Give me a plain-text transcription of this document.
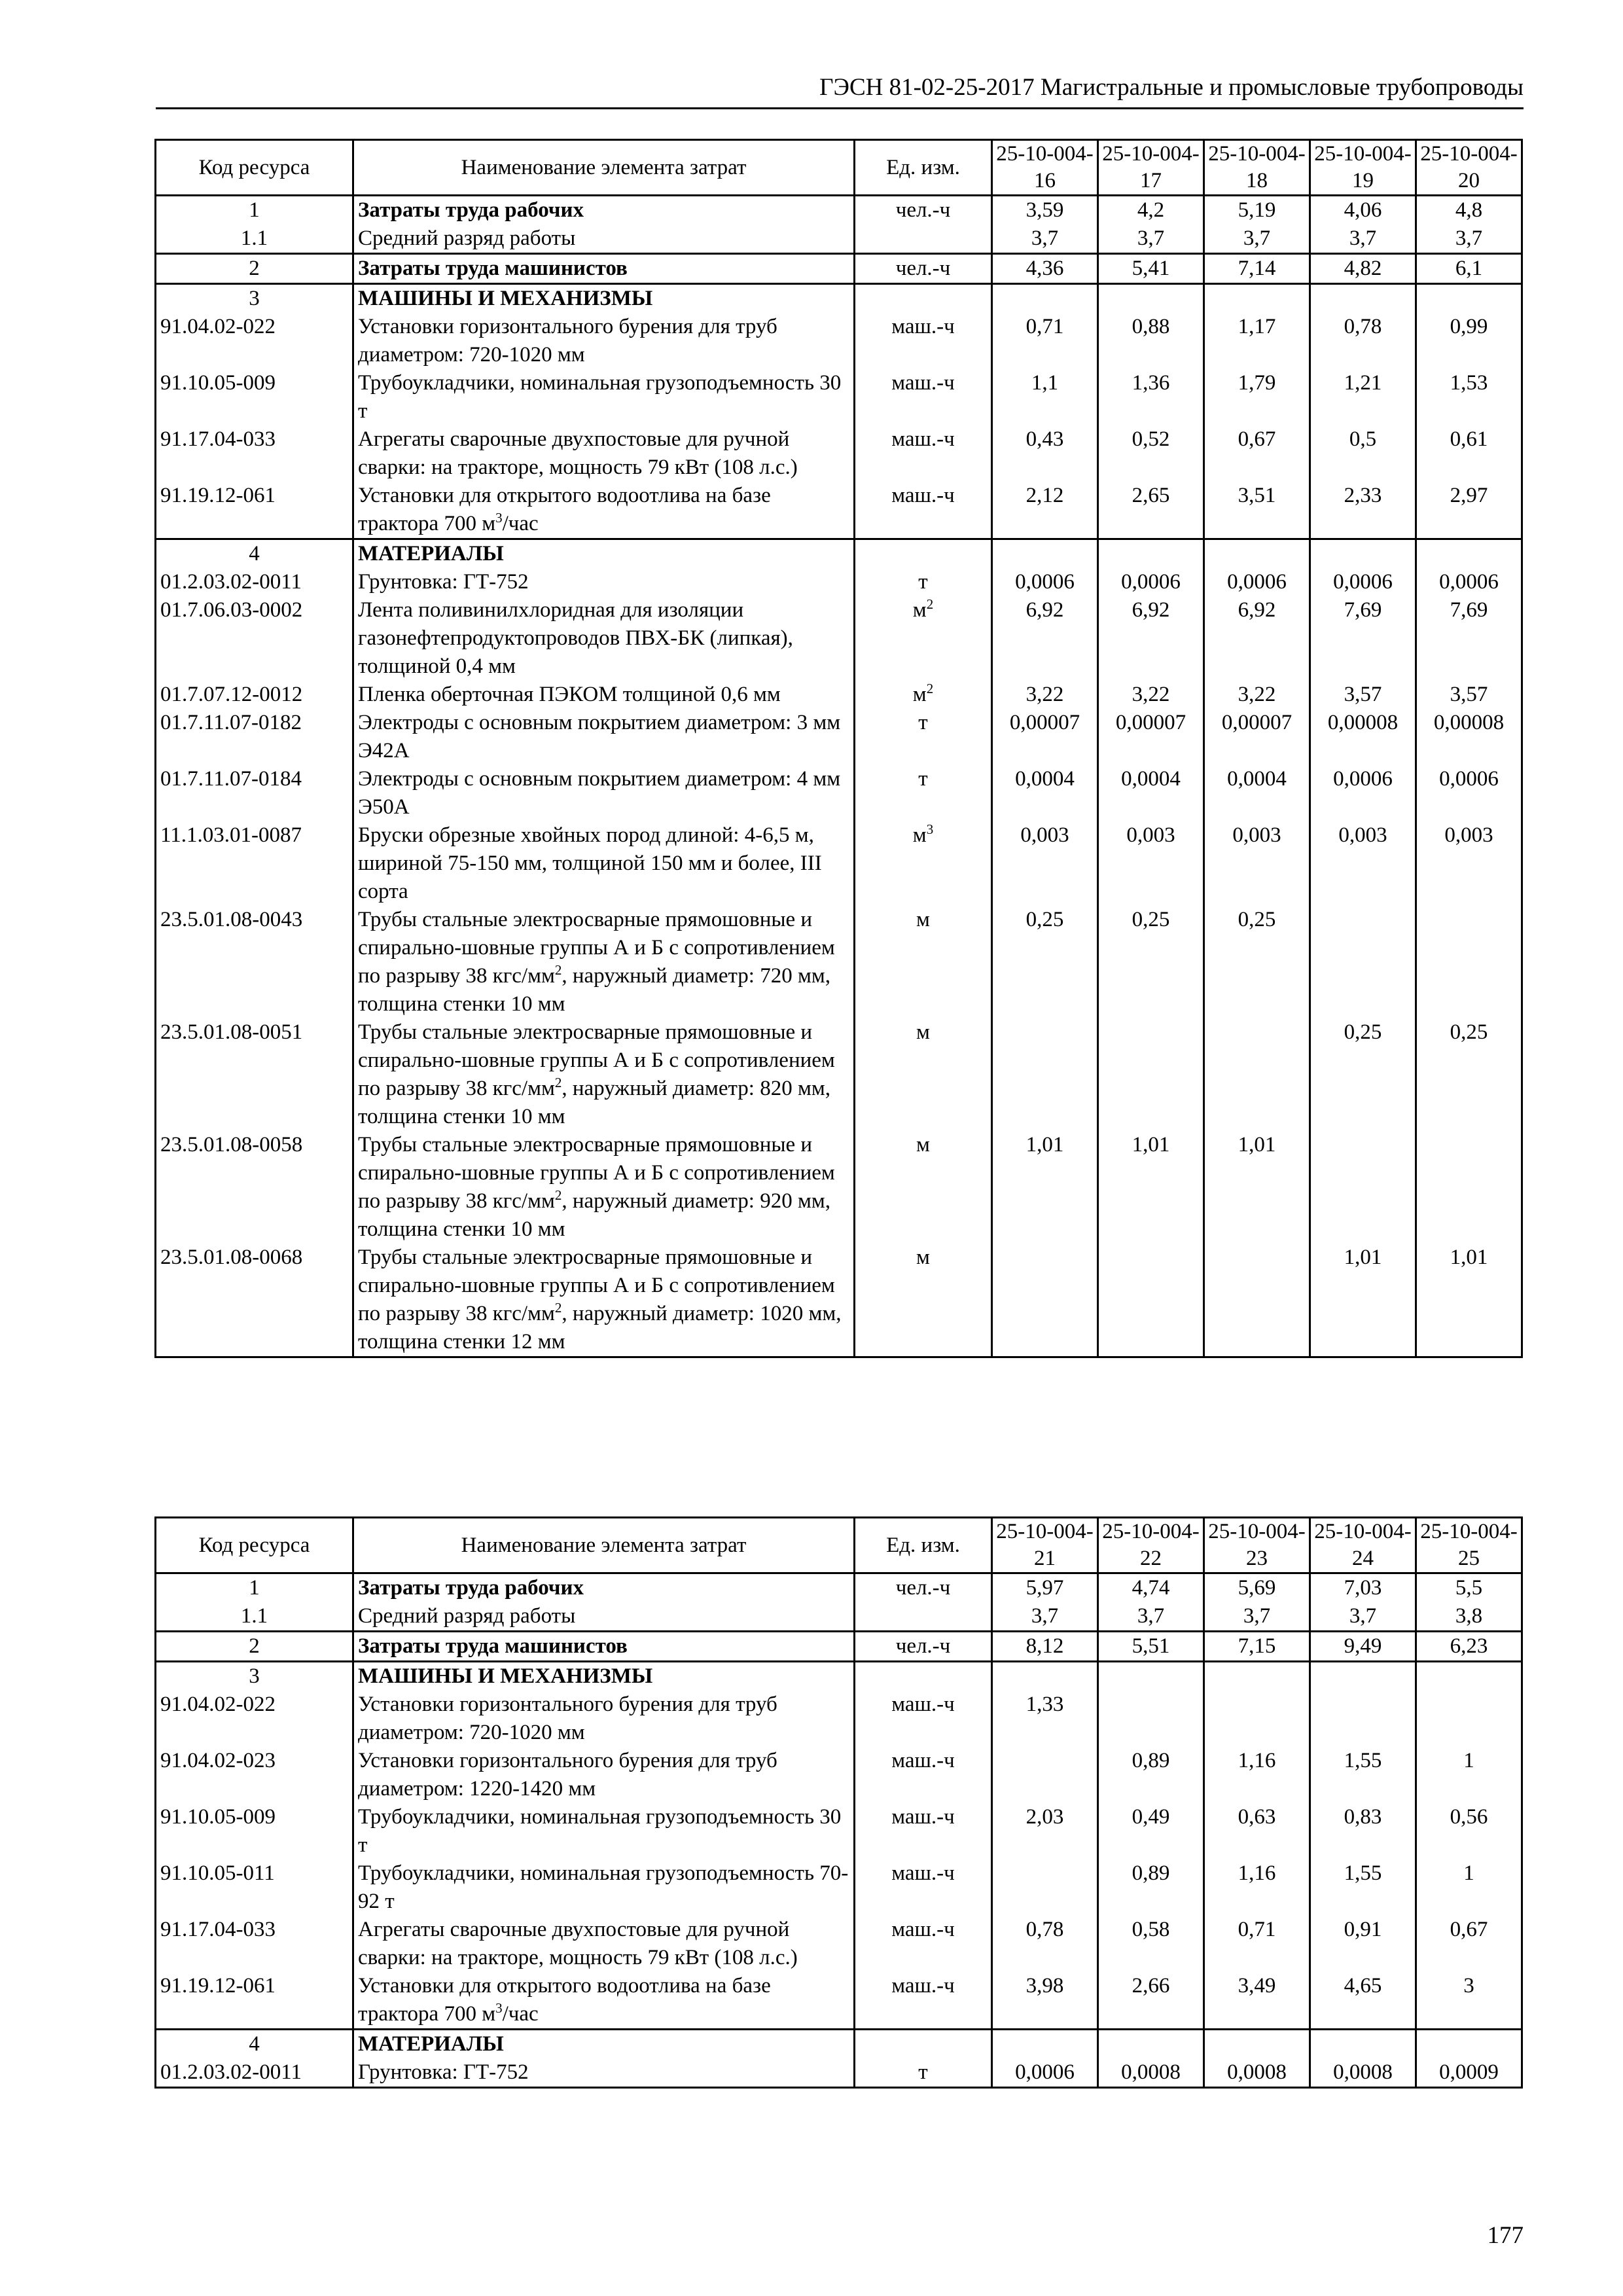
ГЭСН 81-02-25-2017 Магистральные и промысловые трубопроводы
Код ресурса	Наименование элемента затрат	Ед. изм.	25-10-004-16	25-10-004-17	25-10-004-18	25-10-004-19	25-10-004-20
1	Затраты труда рабочих	чел.-ч	3,59	4,2	5,19	4,06	4,8
1.1	Средний разряд работы		3,7	3,7	3,7	3,7	3,7
2	Затраты труда машинистов	чел.-ч	4,36	5,41	7,14	4,82	6,1
3	МАШИНЫ И МЕХАНИЗМЫ						
91.04.02-022	Установки горизонтального бурения для труб диаметром: 720-1020 мм	маш.-ч	0,71	0,88	1,17	0,78	0,99
91.10.05-009	Трубоукладчики, номинальная грузоподъемность 30 т	маш.-ч	1,1	1,36	1,79	1,21	1,53
91.17.04-033	Агрегаты сварочные двухпостовые для ручной сварки: на тракторе, мощность 79 кВт (108 л.с.)	маш.-ч	0,43	0,52	0,67	0,5	0,61
91.19.12-061	Установки для открытого водоотлива на базе трактора 700 $м^3$/час	маш.-ч	2,12	2,65	3,51	2,33	2,97
4	МАТЕРИАЛЫ						
01.2.03.02-0011	Грунтовка: ГТ-752	т	0,0006	0,0006	0,0006	0,0006	0,0006
01.7.06.03-0002	Лента поливинилхлоридная для изоляции газонефтепродуктопроводов ПВХ-БК (липкая), толщиной 0,4 мм	$м^2$	6,92	6,92	6,92	7,69	7,69
01.7.07.12-0012	Пленка оберточная ПЭКОМ толщиной 0,6 мм	$м^2$	3,22	3,22	3,22	3,57	3,57
01.7.11.07-0182	Электроды с основным покрытием диаметром: 3 мм Э42А	т	0,00007	0,00007	0,00007	0,00008	0,00008
01.7.11.07-0184	Электроды с основным покрытием диаметром: 4 мм Э50А	т	0,0004	0,0004	0,0004	0,0006	0,0006
11.1.03.01-0087	Бруски обрезные хвойных пород длиной: 4-6,5 м, шириной 75-150 мм, толщиной 150 мм и более, III сорта	$м^3$	0,003	0,003	0,003	0,003	0,003
23.5.01.08-0043	Трубы стальные электросварные прямошовные и спирально-шовные группы А и Б с сопротивлением по разрыву 38 кгс/$мм^2$, наружный диаметр: 720 мм, толщина стенки 10 мм	м	0,25	0,25	0,25		
23.5.01.08-0051	Трубы стальные электросварные прямошовные и спирально-шовные группы А и Б с сопротивлением по разрыву 38 кгс/$мм^2$, наружный диаметр: 820 мм, толщина стенки 10 мм	м				0,25	0,25
23.5.01.08-0058	Трубы стальные электросварные прямошовные и спирально-шовные группы А и Б с сопротивлением по разрыву 38 кгс/$мм^2$, наружный диаметр: 920 мм, толщина стенки 10 мм	м	1,01	1,01	1,01		
23.5.01.08-0068	Трубы стальные электросварные прямошовные и спирально-шовные группы А и Б с сопротивлением по разрыву 38 кгс/$мм^2$, наружный диаметр: 1020 мм, толщина стенки 12 мм	м				1,01	1,01
Код ресурса	Наименование элемента затрат	Ед. изм.	25-10-004-21	25-10-004-22	25-10-004-23	25-10-004-24	25-10-004-25
1	Затраты труда рабочих	чел.-ч	5,97	4,74	5,69	7,03	5,5
1.1	Средний разряд работы		3,7	3,7	3,7	3,7	3,8
2	Затраты труда машинистов	чел.-ч	8,12	5,51	7,15	9,49	6,23
3	МАШИНЫ И МЕХАНИЗМЫ						
91.04.02-022	Установки горизонтального бурения для труб диаметром: 720-1020 мм	маш.-ч	1,33				
91.04.02-023	Установки горизонтального бурения для труб диаметром: 1220-1420 мм	маш.-ч		0,89	1,16	1,55	1
91.10.05-009	Трубоукладчики, номинальная грузоподъемность 30 т	маш.-ч	2,03	0,49	0,63	0,83	0,56
91.10.05-011	Трубоукладчики, номинальная грузоподъемность 70-92 т	маш.-ч		0,89	1,16	1,55	1
91.17.04-033	Агрегаты сварочные двухпостовые для ручной сварки: на тракторе, мощность 79 кВт (108 л.с.)	маш.-ч	0,78	0,58	0,71	0,91	0,67
91.19.12-061	Установки для открытого водоотлива на базе трактора 700 $м^3$/час	маш.-ч	3,98	2,66	3,49	4,65	3
4	МАТЕРИАЛЫ						
01.2.03.02-0011	Грунтовка: ГТ-752	т	0,0006	0,0008	0,0008	0,0008	0,0009
177
